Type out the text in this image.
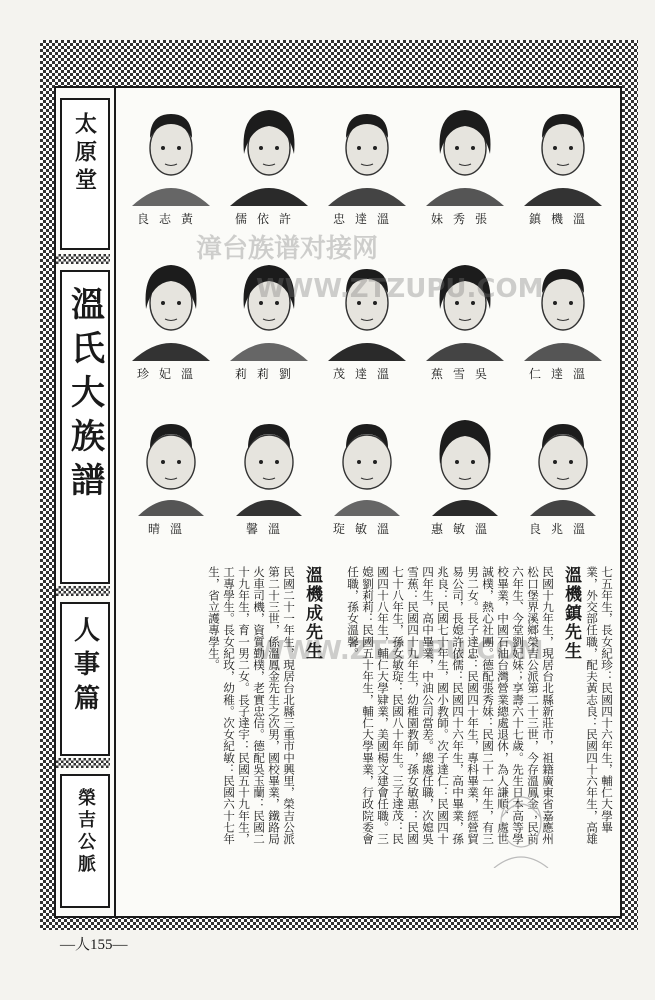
太原堂
溫氏大族譜
人事篇
榮吉公脈
溫機鎮
張秀妹
溫達忠
許依儒
黃志良
溫達仁
吳雪蕉
溫達茂
劉莉莉
溫妃珍
溫兆良
溫敏惠
溫敏琁
溫馨
溫晴
漳台族谱对接网
WWW.ZTZUPU.COM
WWW.ZTZUPU.COM
七五年生，長女紀珍：民國四十六年生，輔仁大學畢業，外交部任職，配夫黃志良：民國四十六年生，高雄
溫機鎮先生
民國十九年生，現居台北縣新莊市，祖籍廣東省嘉應州松口堡界溪鄉榮吉公派第二十三世，今存溫鳳金；民前六年生、今堂劉妃妹；享壽六十七歲。先生日本高等學校畢業，中國石油台灣營業總處退休，為人謙順、處世誠樸，熱心社團。德配張秀妹：民國二十一年生，有三男二女。長子達忠：民國四十年生，專科畢業，經營貿易公司，長媳許依儒：民國四十六年生，高中畢業，孫兆良：民國七十年生，國小教師。次子達仁：民國四十四年生，高中畢業，中油公司當差。總處任職，次媳吳雪蕉：民國四十九年生，幼稚園教師，孫女敏惠：民國七十八年生，孫女敏琁：民國八十年生。三子達茂：民國四十八年生，輔仁大學肄業，美國楊文建會任職。三媳劉莉莉：民國五十年生，輔仁大學畢業，行政院委會任職，孫女溫馨。
溫機成先生
民國二十一年生，現居台北縣三重市中興里，榮吉公派第二十三世，係溫鳳金先生之次男，國校畢業，鐵路局火車司機，資質勤樸，老實忠信。德配吳玉蘭：民國二十九年生，育一男二女。長子達宇：民國五十九年生，工專學生。長女紀玫，幼稚。次女紀敏：民國六十七年生，省立護專學生。
—人155—
